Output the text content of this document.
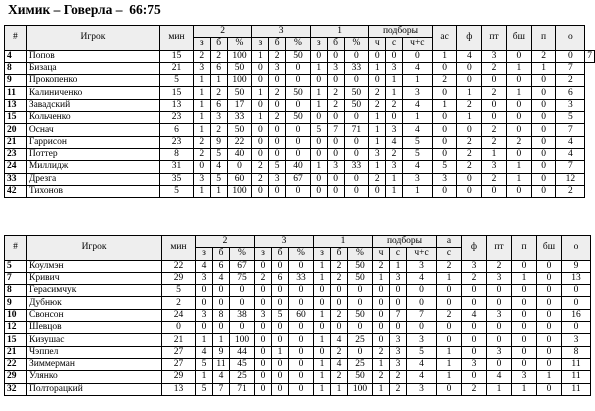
Химик – Говерла –  66:75
#	Игрок	мин	2			3			1			подборы			ас	ф	пт	бш	п	о	
			з	б	%	з	б	%	з	б	%	ч	с	ч+с							
4	Попов	15	2	2	100	1	2	50	0	0	0	0	0	0	1	4	3	0	2	0	7
8	Бизаца	21	3	6	50	0	3	0	1	3	33	1	3	4	0	0	2	1	1	7	
9	Прокопенко	5	1	1	100	0	0	0	0	0	0	0	1	1	2	0	0	0	0	2	
11	Калиниченко	15	1	2	50	1	2	50	1	2	50	2	1	3	0	1	2	1	0	6	
13	Завадский	13	1	6	17	0	0	0	1	2	50	2	2	4	1	2	0	0	0	3	
15	Кольченко	23	1	3	33	1	2	50	0	0	0	1	0	1	0	1	0	0	0	5	
20	Оснач	6	1	2	50	0	0	0	5	7	71	1	3	4	0	0	2	0	0	7	
21	Гаррисон	23	2	9	22	0	0	0	0	0	0	1	4	5	0	2	2	2	0	4	
23	Поттер	8	2	5	40	0	0	0	0	0	0	3	2	5	0	2	1	0	0	4	
24	Миллидж	31	0	4	0	2	5	40	1	3	33	1	3	4	5	2	3	1	0	7	
33	Дрезга	35	3	5	60	2	3	67	0	0	0	2	1	3	3	0	2	1	0	12	
42	Тихонов	5	1	1	100	0	0	0	0	0	0	0	1	1	0	0	0	0	0	2	
#	Игрок	мин	2			3			1			подборы			а	ф	пт	п	бш	о
			з	б	%	з	б	%	з	б	%	ч	с	ч+с	с					
5	Коулмэн	22	4	6	67	0	0	0	1	2	50	2	1	3	2	3	2	0	0	9
7	Кривич	29	3	4	75	2	6	33	1	2	50	1	3	4	1	2	3	1	0	13
8	Герасимчук	5	0	0	0	0	0	0	0	0	0	0	0	0	0	0	0	0	0	0
9	Дубнюк	2	0	0	0	0	0	0	0	0	0	0	0	0	0	0	0	0	0	0
10	Свонсон	24	3	8	38	3	5	60	1	2	50	0	7	7	2	4	3	0	0	16
12	Шевцов	0	0	0	0	0	0	0	0	0	0	0	0	0	0	0	0	0	0	0
15	Кизушас	21	1	1	100	0	0	0	1	4	25	0	3	3	0	0	0	0	0	3
21	Чэппел	27	4	9	44	0	1	0	0	2	0	2	3	5	1	0	3	0	0	8
22	Зиммерман	27	5	11	45	0	0	0	1	4	25	1	3	4	1	3	0	0	0	11
29	Улянко	29	1	4	25	0	0	0	1	2	50	2	2	4	1	0	4	3	1	11
32	Полторацкий	13	5	7	71	0	0	0	1	1	100	1	2	3	0	2	1	1	0	11
